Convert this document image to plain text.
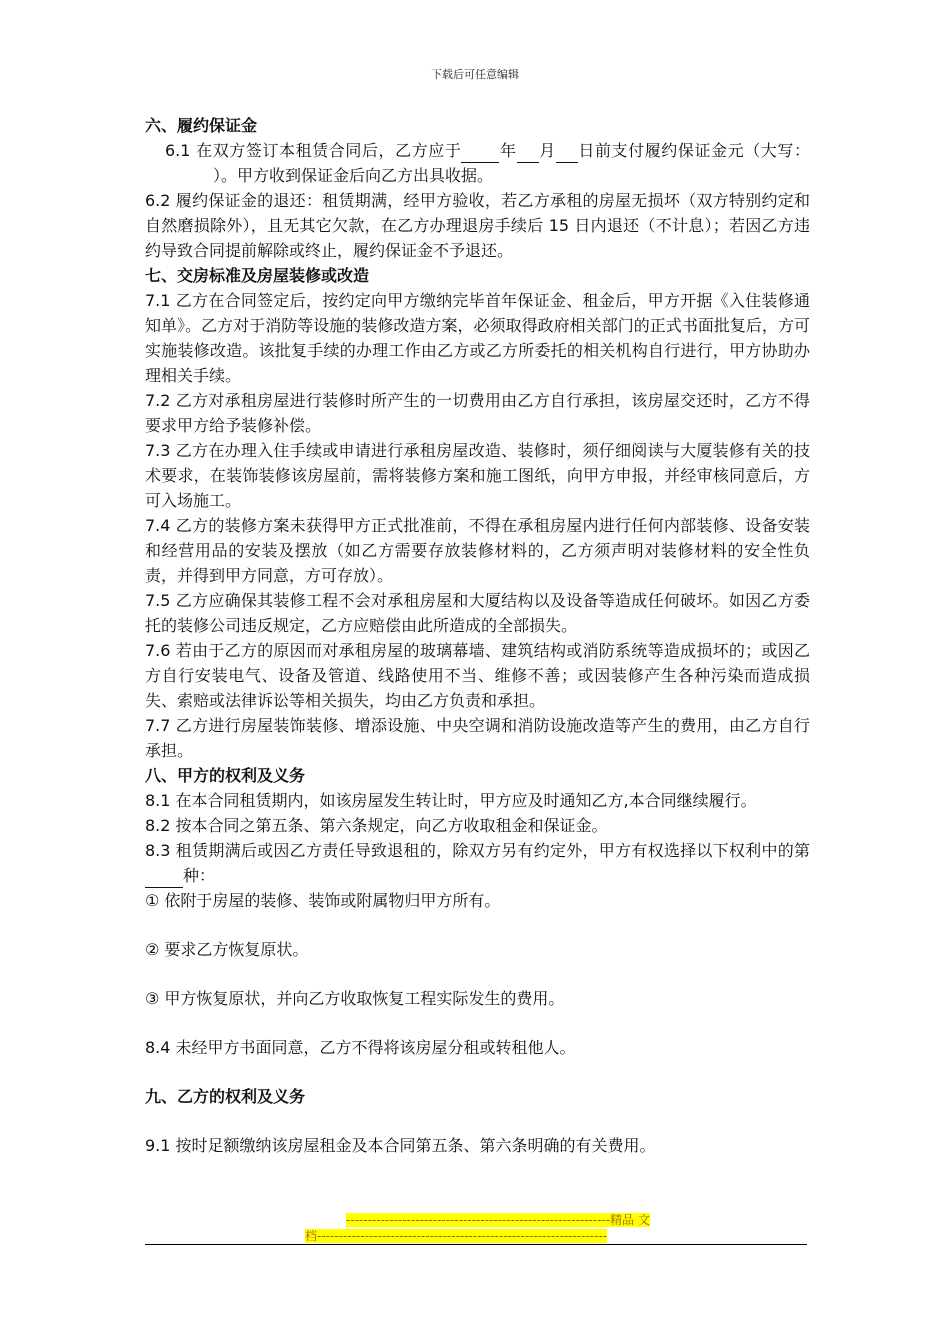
下载后可任意编辑
六、履约保证金
6.1 在双方签订本租赁合同后，乙方应于 年 月 日前支付履约保证金元（大写：）。甲方收到保证金后向乙方出具收据。
6.2 履约保证金的退还：租赁期满，经甲方验收，若乙方承租的房屋无损坏（双方特别约定和自然磨损除外），且无其它欠款，在乙方办理退房手续后 15 日内退还（不计息）；若因乙方违约导致合同提前解除或终止，履约保证金不予退还。
七、交房标准及房屋装修或改造
7.1 乙方在合同签定后，按约定向甲方缴纳完毕首年保证金、租金后，甲方开据《入住装修通知单》。乙方对于消防等设施的装修改造方案，必须取得政府相关部门的正式书面批复后，方可实施装修改造。该批复手续的办理工作由乙方或乙方所委托的相关机构自行进行，甲方协助办理相关手续。
7.2 乙方对承租房屋进行装修时所产生的一切费用由乙方自行承担，该房屋交还时，乙方不得要求甲方给予装修补偿。
7.3 乙方在办理入住手续或申请进行承租房屋改造、装修时，须仔细阅读与大厦装修有关的技术要求，在装饰装修该房屋前，需将装修方案和施工图纸，向甲方申报，并经审核同意后，方可入场施工。
7.4 乙方的装修方案未获得甲方正式批准前，不得在承租房屋内进行任何内部装修、设备安装和经营用品的安装及摆放（如乙方需要存放装修材料的，乙方须声明对装修材料的安全性负责，并得到甲方同意，方可存放）。
7.5 乙方应确保其装修工程不会对承租房屋和大厦结构以及设备等造成任何破坏。如因乙方委托的装修公司违反规定，乙方应赔偿由此所造成的全部损失。
7.6 若由于乙方的原因而对承租房屋的玻璃幕墙、建筑结构或消防系统等造成损坏的；或因乙方自行安装电气、设备及管道、线路使用不当、维修不善；或因装修产生各种污染而造成损失、索赔或法律诉讼等相关损失，均由乙方负责和承担。
7.7 乙方进行房屋装饰装修、增添设施、中央空调和消防设施改造等产生的费用，由乙方自行承担。
八、甲方的权利及义务
8.1 在本合同租赁期内，如该房屋发生转让时，甲方应及时通知乙方,本合同继续履行。
8.2 按本合同之第五条、第六条规定，向乙方收取租金和保证金。
8.3 租赁期满后或因乙方责任导致退租的，除双方另有约定外，甲方有权选择以下权利中的第种：
① 依附于房屋的装修、装饰或附属物归甲方所有。
② 要求乙方恢复原状。
③ 甲方恢复原状，并向乙方收取恢复工程实际发生的费用。
8.4 未经甲方书面同意，乙方不得将该房屋分租或转租他人。
九、乙方的权利及义务
9.1 按时足额缴纳该房屋租金及本合同第五条、第六条明确的有关费用。
-------------------------------------------------------------精品 文
档-------------------------------------------------------------------
